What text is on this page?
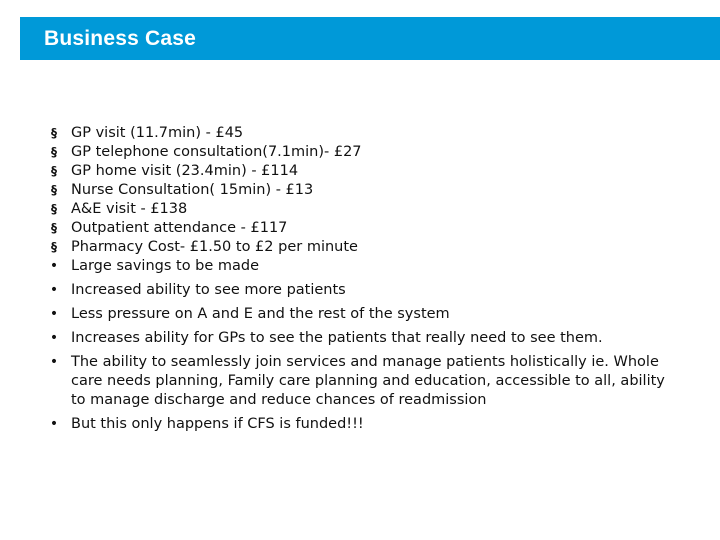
Business Case
§
GP visit (11.7min) - £45
§
GP telephone consultation(7.1min)- £27
§
GP home visit (23.4min) - £114
§
Nurse Consultation( 15min) - £13
§
A&E visit - £138
§
Outpatient attendance - £117
§
Pharmacy Cost- £1.50 to £2 per minute
•
Large savings to be made
•
Increased ability to see more patients
•
Less pressure on A and E and the rest of the system
•
Increases ability for GPs to see the patients that really need to see them.
•
The ability to seamlessly join services and manage patients holistically ie. Whole care needs planning, Family care planning and education, accessible to all, ability to manage discharge and reduce chances of readmission
•
But this only happens if CFS is funded!!!
